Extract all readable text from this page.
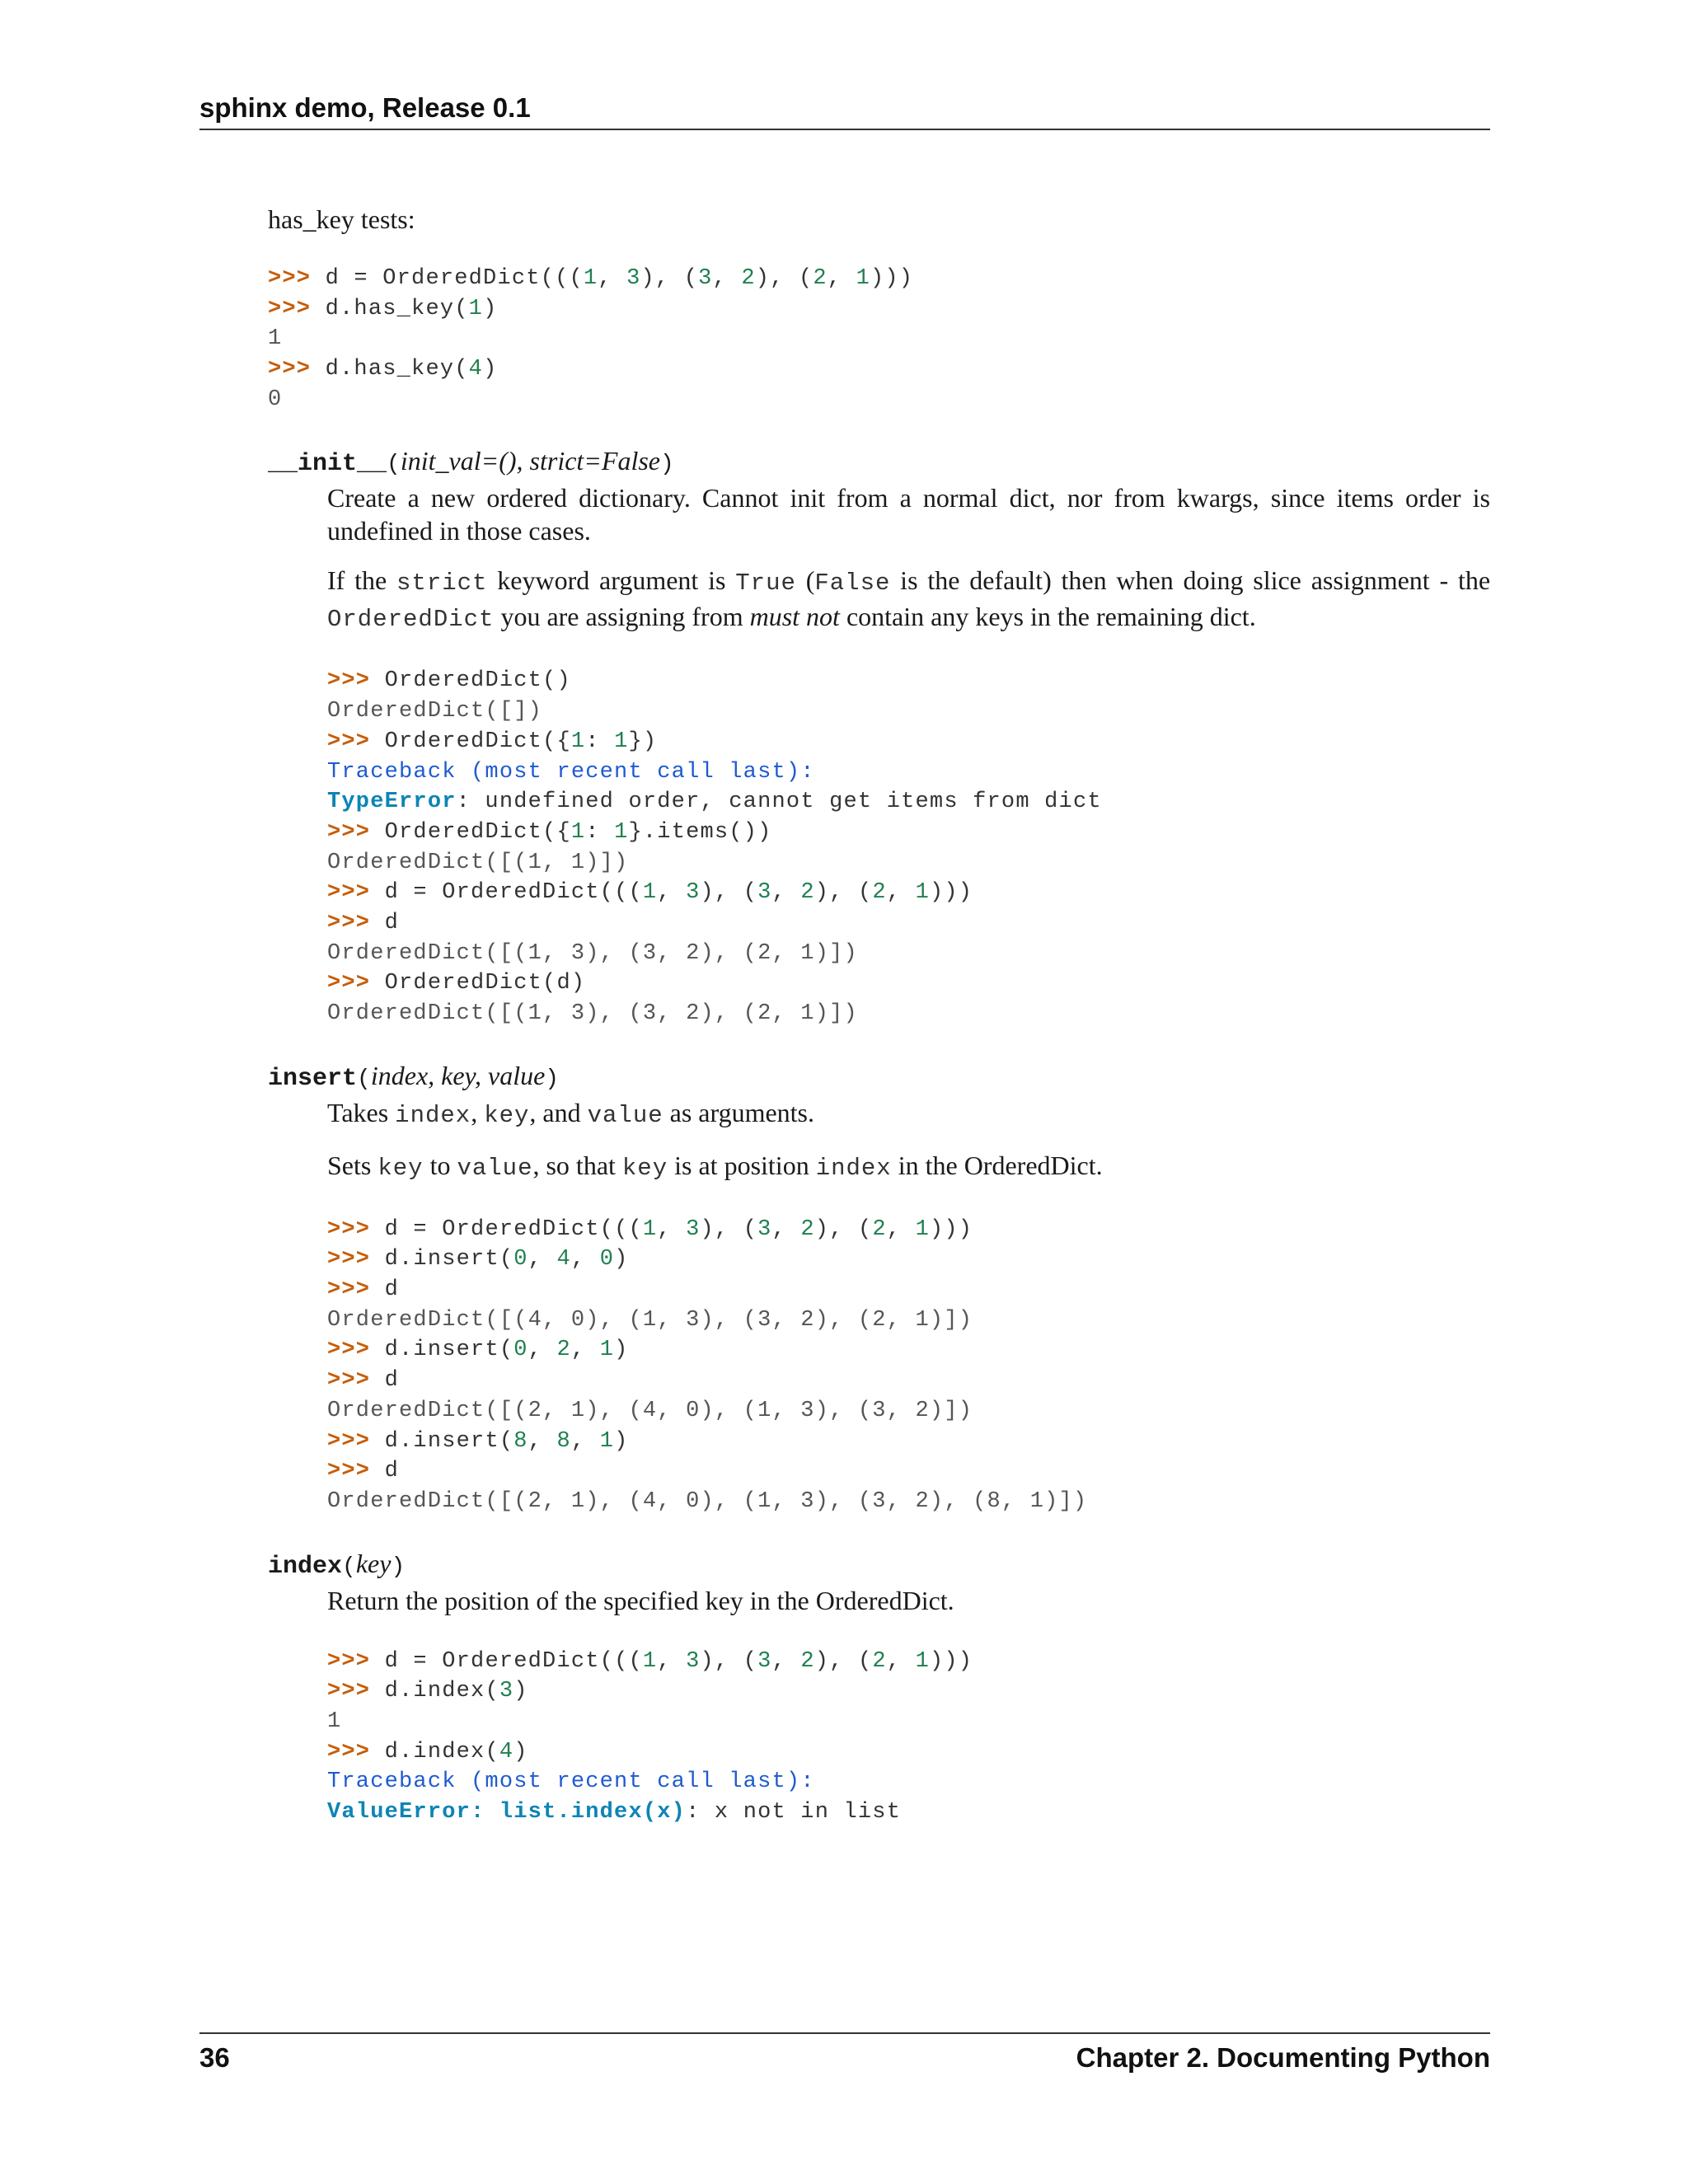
sphinx demo, Release 0.1

has_key tests:

>>> d = OrderedDict(((1, 3), (3, 2), (2, 1)))
>>> d.has_key(1)
1
>>> d.has_key(4)
0
__init__(init_val=(), strict=False)

Create a new ordered dictionary. Cannot init from a normal dict, nor from kwargs, since items order is undefined in those cases.

If the strict keyword argument is True (False is the default) then when doing slice assignment - the OrderedDict you are assigning from must not contain any keys in the remaining dict.

>>> OrderedDict()
OrderedDict([])
>>> OrderedDict({1: 1})
Traceback (most recent call last):
TypeError: undefined order, cannot get items from dict
>>> OrderedDict({1: 1}.items())
OrderedDict([(1, 1)])
>>> d = OrderedDict(((1, 3), (3, 2), (2, 1)))
>>> d
OrderedDict([(1, 3), (3, 2), (2, 1)])
>>> OrderedDict(d)
OrderedDict([(1, 3), (3, 2), (2, 1)])
insert(index, key, value)

Takes index, key, and value as arguments.

Sets key to value, so that key is at position index in the OrderedDict.

>>> d = OrderedDict(((1, 3), (3, 2), (2, 1)))
>>> d.insert(0, 4, 0)
>>> d
OrderedDict([(4, 0), (1, 3), (3, 2), (2, 1)])
>>> d.insert(0, 2, 1)
>>> d
OrderedDict([(2, 1), (4, 0), (1, 3), (3, 2)])
>>> d.insert(8, 8, 1)
>>> d
OrderedDict([(2, 1), (4, 0), (1, 3), (3, 2), (8, 1)])
index(key)

Return the position of the specified key in the OrderedDict.

>>> d = OrderedDict(((1, 3), (3, 2), (2, 1)))
>>> d.index(3)
1
>>> d.index(4)
Traceback (most recent call last):
ValueError: list.index(x): x not in list
36	Chapter 2. Documenting Python
